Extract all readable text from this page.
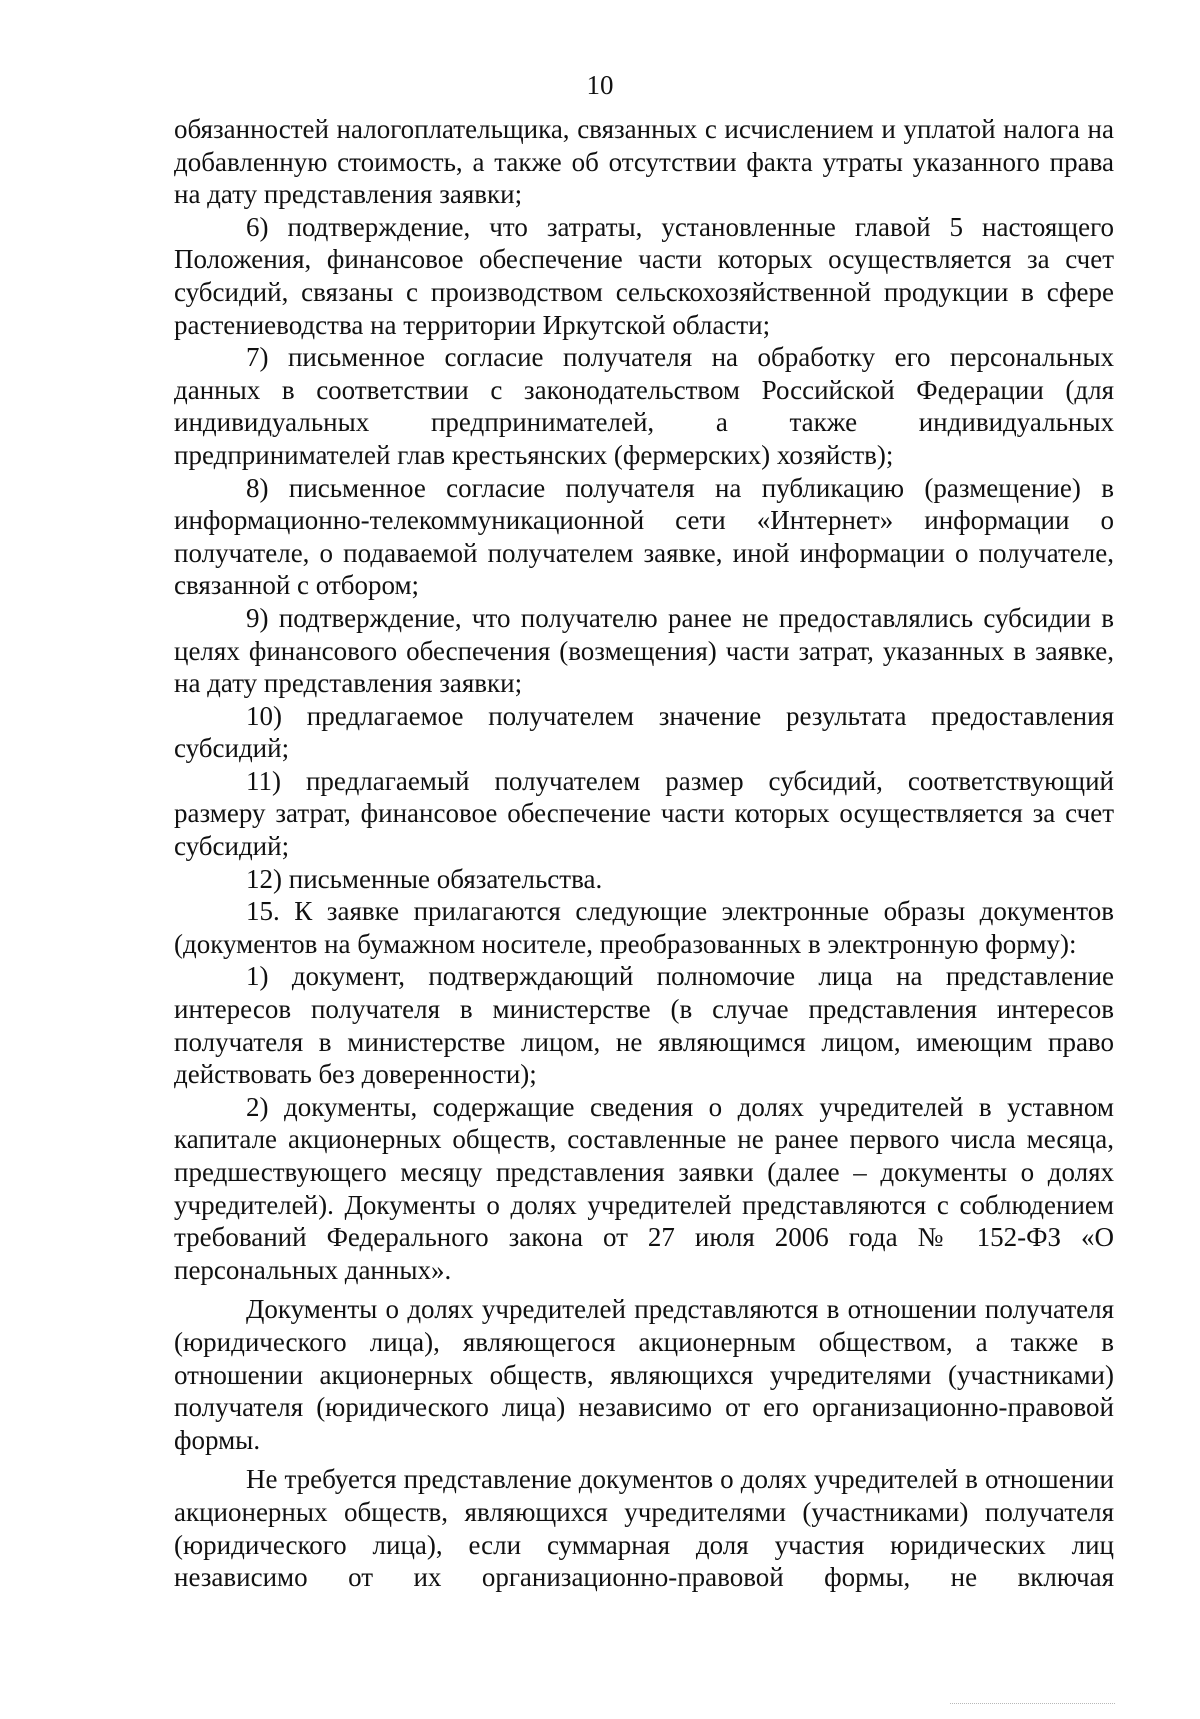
10

обязанностей налогоплательщика, связанных с исчислением и уплатой налога на добавленную стоимость, а также об отсутствии факта утраты указанного права на дату представления заявки;

6) подтверждение, что затраты, установленные главой 5 настоящего Положения, финансовое обеспечение части которых осуществляется за счет субсидий, связаны с производством сельскохозяйственной продукции в сфере растениеводства на территории Иркутской области;

7) письменное согласие получателя на обработку его персональных данных в соответствии с законодательством Российской Федерации (для индивидуальных предпринимателей, а также индивидуальных предпринимателей глав крестьянских (фермерских) хозяйств);

8) письменное согласие получателя на публикацию (размещение) в информационно-телекоммуникационной сети «Интернет» информации о получателе, о подаваемой получателем заявке, иной информации о получателе, связанной с отбором;

9) подтверждение, что получателю ранее не предоставлялись субсидии в целях финансового обеспечения (возмещения) части затрат, указанных в заявке, на дату представления заявки;

10) предлагаемое получателем значение результата предоставления субсидий;

11) предлагаемый получателем размер субсидий, соответствующий размеру затрат, финансовое обеспечение части которых осуществляется за счет субсидий;

12) письменные обязательства.

15. К заявке прилагаются следующие электронные образы документов (документов на бумажном носителе, преобразованных в электронную форму):

1) документ, подтверждающий полномочие лица на представление интересов получателя в министерстве (в случае представления интересов получателя в министерстве лицом, не являющимся лицом, имеющим право действовать без доверенности);

2) документы, содержащие сведения о долях учредителей в уставном капитале акционерных обществ, составленные не ранее первого числа месяца, предшествующего месяцу представления заявки (далее – документы о долях учредителей). Документы о долях учредителей представляются с соблюдением требований Федерального закона от 27 июля 2006 года № 152-ФЗ «О персональных данных».

Документы о долях учредителей представляются в отношении получателя (юридического лица), являющегося акционерным обществом, а также в отношении акционерных обществ, являющихся учредителями (участниками) получателя (юридического лица) независимо от его организационно-правовой формы.

Не требуется представление документов о долях учредителей в отношении акционерных обществ, являющихся учредителями (участниками) получателя (юридического лица), если суммарная доля участия юридических лиц независимо от их организационно-правовой формы, не включая
